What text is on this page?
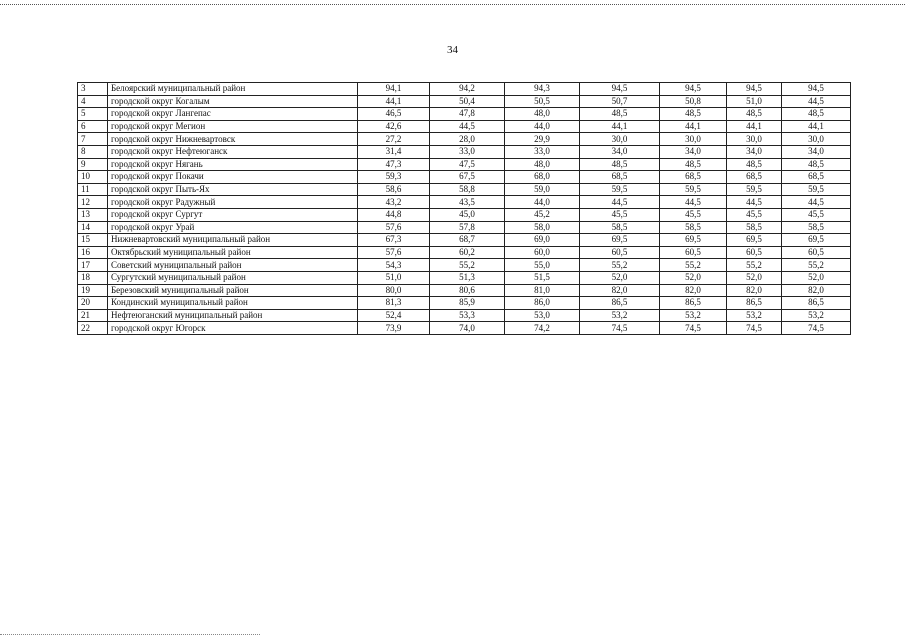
34
3	Белоярский муниципальный район	94,1	94,2	94,3	94,5	94,5	94,5	94,5
4	городской округ Когалым	44,1	50,4	50,5	50,7	50,8	51,0	44,5
5	городской округ Лангепас	46,5	47,8	48,0	48,5	48,5	48,5	48,5
6	городской округ Мегион	42,6	44,5	44,0	44,1	44,1	44,1	44,1
7	городской округ Нижневартовск	27,2	28,0	29,9	30,0	30,0	30,0	30,0
8	городской округ Нефтеюганск	31,4	33,0	33,0	34,0	34,0	34,0	34,0
9	городской округ Нягань	47,3	47,5	48,0	48,5	48,5	48,5	48,5
10	городской округ Покачи	59,3	67,5	68,0	68,5	68,5	68,5	68,5
11	городской округ Пыть-Ях	58,6	58,8	59,0	59,5	59,5	59,5	59,5
12	городской округ Радужный	43,2	43,5	44,0	44,5	44,5	44,5	44,5
13	городской округ Сургут	44,8	45,0	45,2	45,5	45,5	45,5	45,5
14	городской округ Урай	57,6	57,8	58,0	58,5	58,5	58,5	58,5
15	Нижневартовский муниципальный район	67,3	68,7	69,0	69,5	69,5	69,5	69,5
16	Октябрьский муниципальный район	57,6	60,2	60,0	60,5	60,5	60,5	60,5
17	Советский муниципальный район	54,3	55,2	55,0	55,2	55,2	55,2	55,2
18	Сургутский муниципальный район	51,0	51,3	51,5	52,0	52,0	52,0	52,0
19	Березовский муниципальный район	80,0	80,6	81,0	82,0	82,0	82,0	82,0
20	Кондинский муниципальный район	81,3	85,9	86,0	86,5	86,5	86,5	86,5
21	Нефтеюганский муниципальный район	52,4	53,3	53,0	53,2	53,2	53,2	53,2
22	городской округ Югорск	73,9	74,0	74,2	74,5	74,5	74,5	74,5
